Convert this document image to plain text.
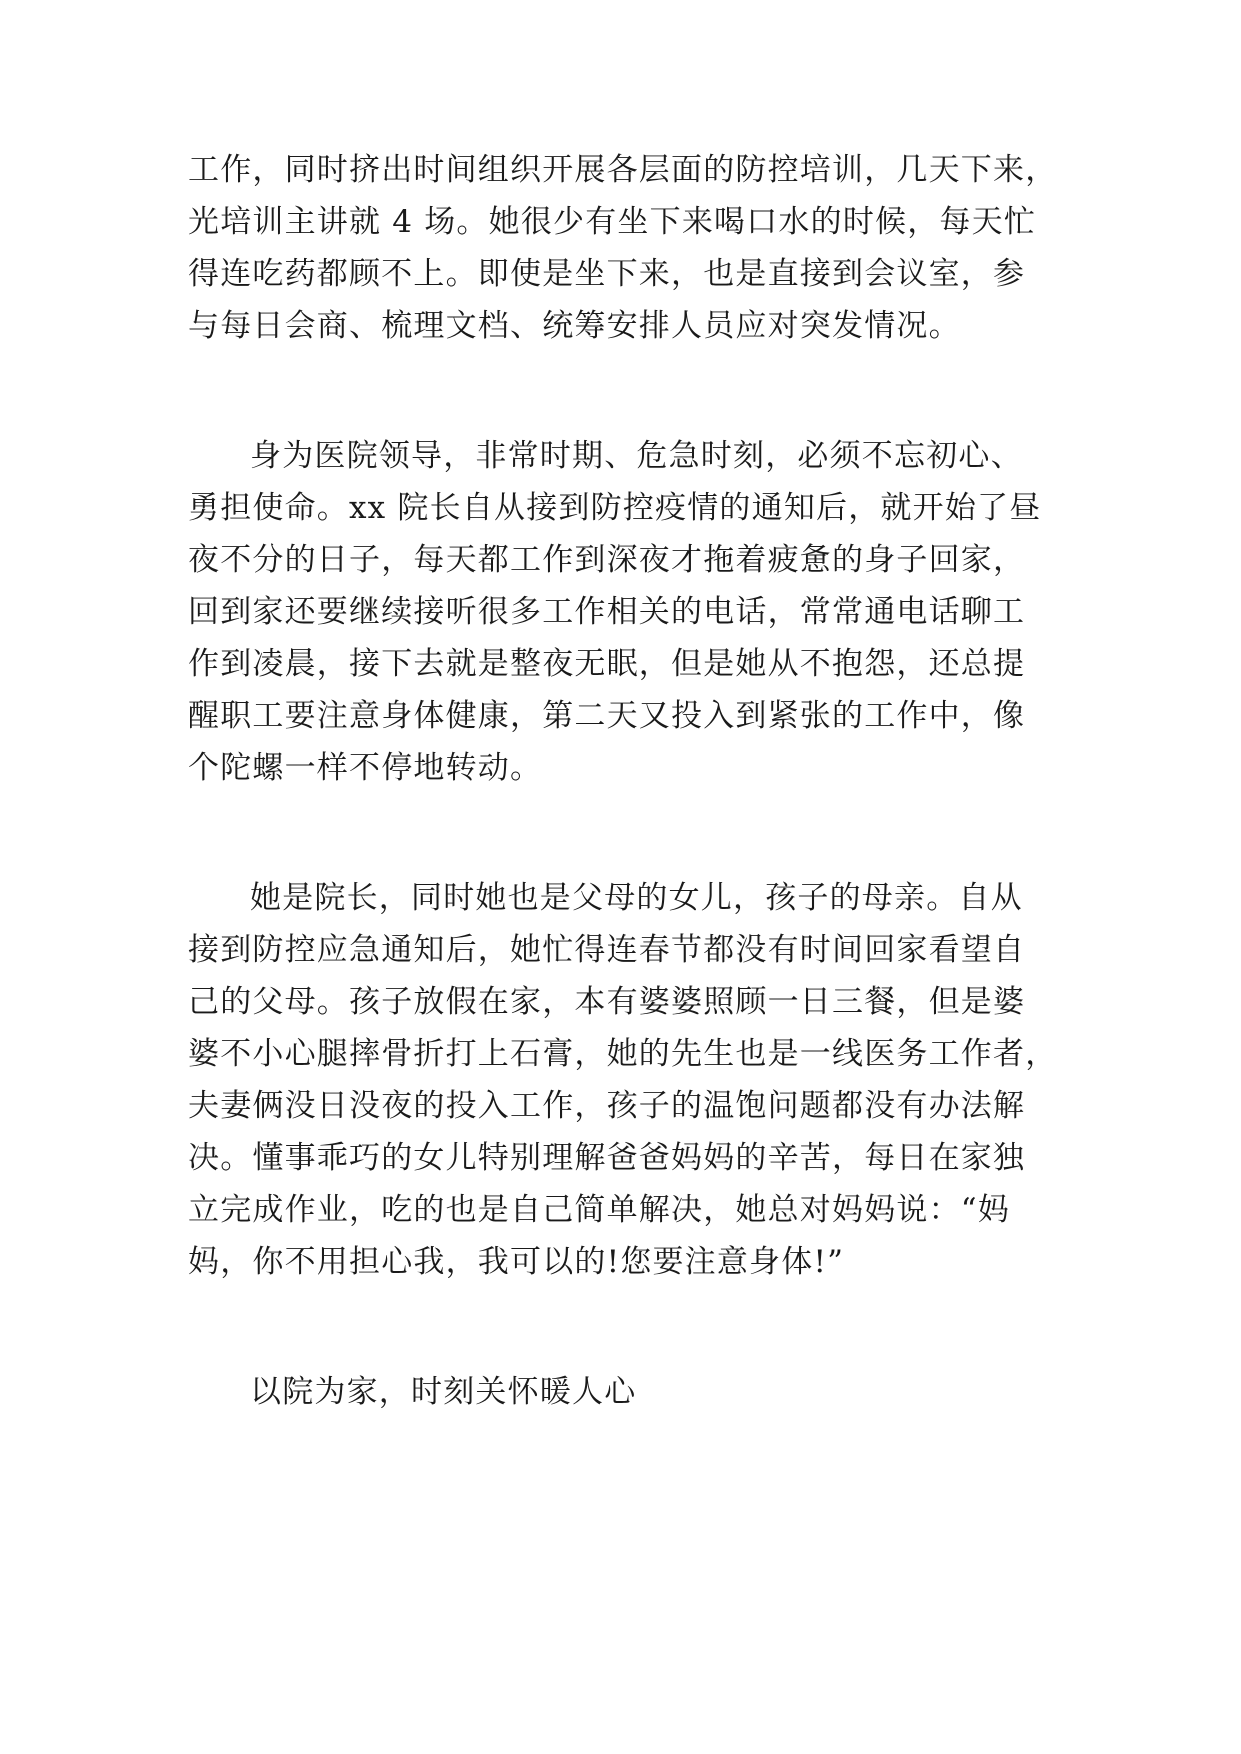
工作，同时挤出时间组织开展各层面的防控培训，几天下来，
光培训主讲就 4 场。她很少有坐下来喝口水的时候，每天忙
得连吃药都顾不上。即使是坐下来，也是直接到会议室，参
与每日会商、梳理文档、统筹安排人员应对突发情况。
身为医院领导，非常时期、危急时刻，必须不忘初心、
勇担使命。xx 院长自从接到防控疫情的通知后，就开始了昼
夜不分的日子，每天都工作到深夜才拖着疲惫的身子回家，
回到家还要继续接听很多工作相关的电话，常常通电话聊工
作到凌晨，接下去就是整夜无眠，但是她从不抱怨，还总提
醒职工要注意身体健康，第二天又投入到紧张的工作中，像
个陀螺一样不停地转动。
她是院长，同时她也是父母的女儿，孩子的母亲。自从
接到防控应急通知后，她忙得连春节都没有时间回家看望自
己的父母。孩子放假在家，本有婆婆照顾一日三餐，但是婆
婆不小心腿摔骨折打上石膏，她的先生也是一线医务工作者，
夫妻俩没日没夜的投入工作，孩子的温饱问题都没有办法解
决。懂事乖巧的女儿特别理解爸爸妈妈的辛苦，每日在家独
立完成作业，吃的也是自己简单解决，她总对妈妈说：“妈
妈，你不用担心我，我可以的!您要注意身体!”
以院为家，时刻关怀暖人心
